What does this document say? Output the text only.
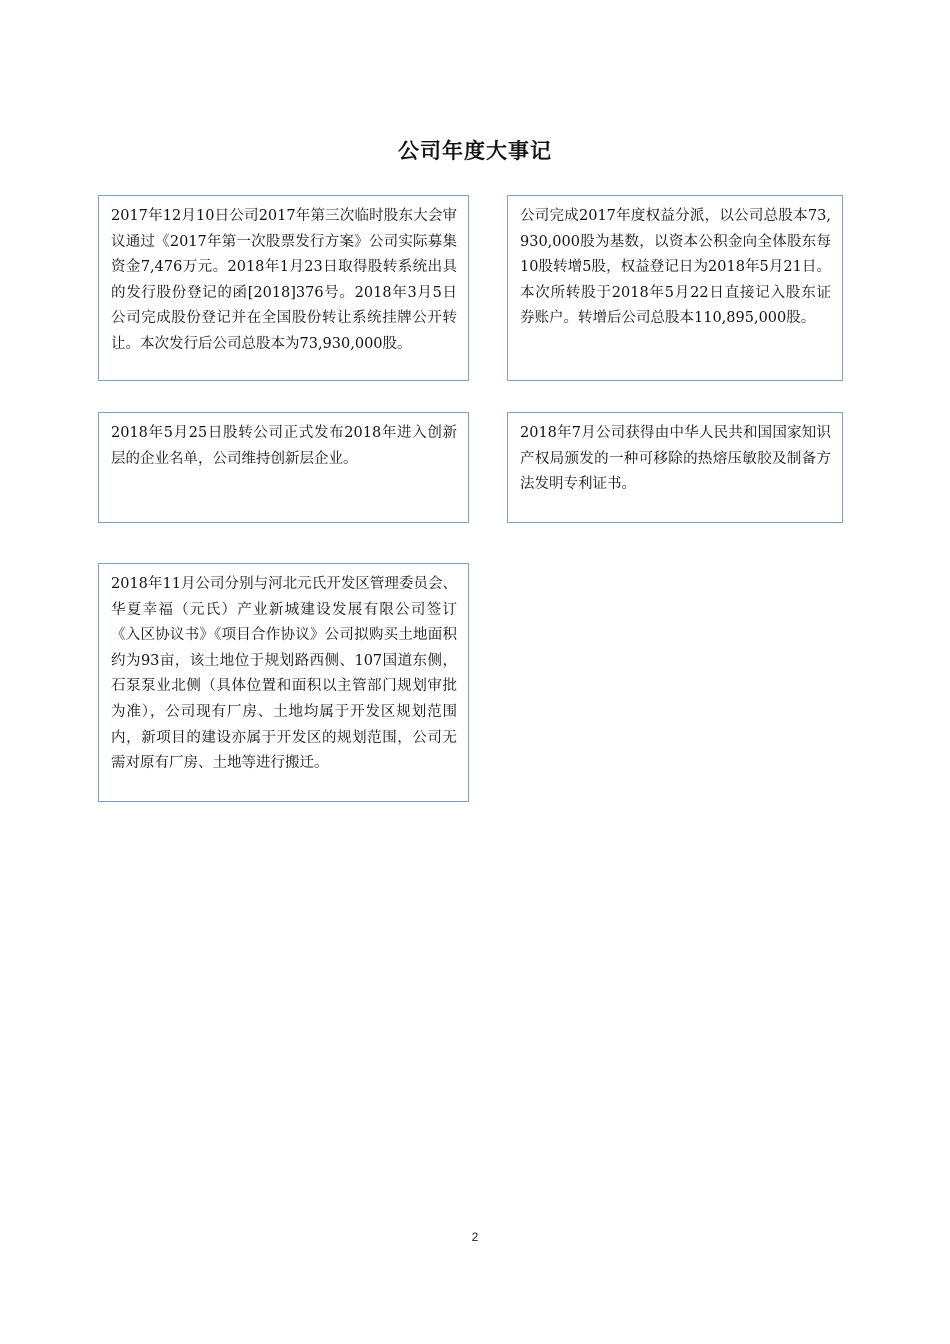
公司年度大事记

2017年12月10日公司2017年第三次临时股东大会审议通过《2017年第一次股票发行方案》公司实际募集资金7,476万元。2018年1月23日取得股转系统出具的发行股份登记的函[2018]376号。2018年3月5日公司完成股份登记并在全国股份转让系统挂牌公开转让。本次发行后公司总股本为73,930,000股。

公司完成2017年度权益分派，以公司总股本73,930,000股为基数，以资本公积金向全体股东每10股转增5股，权益登记日为2018年5月21日。本次所转股于2018年5月22日直接记入股东证券账户。转增后公司总股本110,895,000股。

2018年5月25日股转公司正式发布2018年进入创新层的企业名单，公司维持创新层企业。

2018年7月公司获得由中华人民共和国国家知识产权局颁发的一种可移除的热熔压敏胶及制备方法发明专利证书。

2018年11月公司分别与河北元氏开发区管理委员会、华夏幸福（元氏）产业新城建设发展有限公司签订《入区协议书》《项目合作协议》公司拟购买土地面积约为93亩，该土地位于规划路西侧、107国道东侧，石泵泵业北侧（具体位置和面积以主管部门规划审批为准），公司现有厂房、土地均属于开发区规划范围内，新项目的建设亦属于开发区的规划范围，公司无需对原有厂房、土地等进行搬迁。

2
